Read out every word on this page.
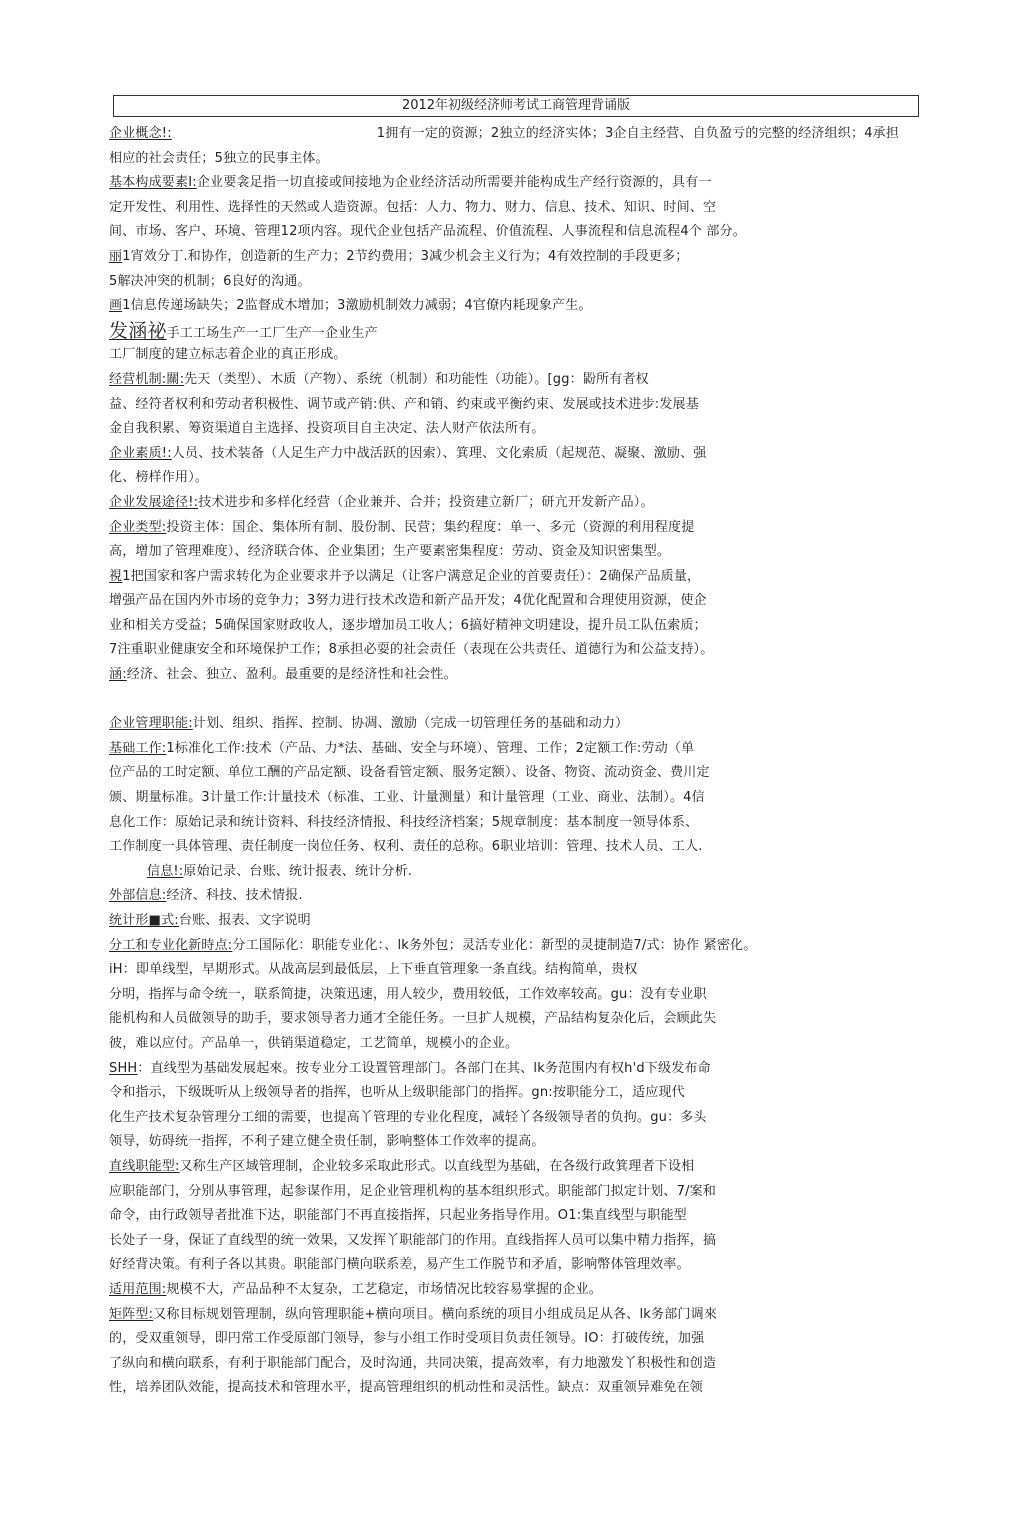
2012年初级经济师考试工商管理背诵版
企业概念!:	1拥有一定的资源；2独立的经济实体；3企自主经营、自负盈亏的完整的经济组织；4承担
相应的社会责任；5独立的民事主体。
基本构成要素I:企业要衾足指一切直接或间接地为企业经济活动所需要并能构成生产经行资源的，具有一
定开发性、利用性、选择性的天然或人造资源。包括：人力、物力、财力、信息、技术、知识、时间、空
间、市场、客户、环境、管理12项内容。现代企业包括产品流程、价值流程、人事流程和信息流程4个 部分。
丽1宵效分丁.和协作，创造新的生产力；2节约费用；3减少机会主义行为；4有效控制的手段更多；
5解决冲突的机制；6良好的沟通。
画1信息传递场缺失；2监督成木增加；3激励机制效力减弱；4官僚内耗现象产生。
发涵祕手工工场生产一工厂生产一企业生产
工厂制度的建立标志着企业的真正形成。
经营机制:關:先天（类型）、木质（产物）、系统（机制）和功能性（功能）。[gg：鼢所有者权
益、经符者权利和劳动者积极性、调节或产销:供、产和销、约束或平衡约束、发展或技术进步:发展基
金自我积累、筹资渠道自主选择、投资项目自主决定、法人财产依法所有。
企业素质!:人员、技术装备（人足生产力中战活跃的因索）、箕理、文化索质（起规范、凝聚、激励、强
化、榜样作用）。
企业发展途径!:技术进步和多样化经营（企业兼并、合并；投资建立新厂；研亢开发新产品）。
企业类型:投资主体：国企、集体所有制、股份制、民营；集约程度：单一、多元（资源的利用程度提
高，增加了管理难度）、经济联合体、企业集团；生产要素密集程度：劳动、资金及知识密集型。
視1把国家和客户需求转化为企业要求并予以满足（让客户满意足企业的首要责任）：2确保产品质量，
增强产品在国内外市场的竞争力；3努力进行技术改造和新产品开发；4优化配置和合理使用资源，使企
业和相关方受益；5确保国家财政收人，逐步增加员工收人；6搞好精神文明建设，提升员工队伍索质；
7注重职业健康安全和环境保护工作；8承担必耍的社会责任（表现在公共责任、道德行为和公益支持）。
涵:经济、社会、独立、盈利。最重要的是经济性和社会性。
企业管理职能:计划、组织、指挥、控制、协凋、激励（完成一切管理任务的基础和动力）
基础工作:1标准化工作:技术（产品、力*法、基础、安全与环境）、管理、工作；2定额工作:劳动（单
位产品的工时定额、单位工酬的产品定额、设备看管定额、服务定额）、设备、物资、流动资金、费川定
颁、期量标准。3计量工作:计量技术（标准、工业、计量测量）和计量管理（工业、商业、法制）。4信
息化工作：原始记录和统计资料、科技经济情报、科技经济档案；5规章制度：基本制度一领导体系、
工作制度一具体管理、责任制度一岗位任务、权利、责任的总称。6职业培训：管理、技术人员、工人.
信息!:原始记录、台账、统计报表、统计分析.
外部信息:经济、科技、技术情报.
统计形■式:台账、报表、文字说明
分工和专业化新時点:分工国际化：职能专业化：、lk务外包；灵活专业化：新型的灵捷制造7/式：协作 紧密化。
iH：即单线型，早期形式。从战高层到最低层，上下垂直管理象一条直线。结构简单，贵权
分明，指挥与命令统一，联系简捷，决策迅速，用人较少，费用较低，工作效率较高。gu：没有专业职
能机构和人员做领导的助手，要求领导者力通才全能任务。一旦扩人规模，产品结构复杂化后，会顾此失
彼，难以应付。产品单一，供销渠道稳定，工艺简单，规模小的企业。
SHH：直线型为基础发展起來。按专业分工设置管理部门。各部门在其、lk务范围内有权h'd下级发布命
令和指示，下级既听从上级领导者的指挥，也听从上级职能部门的指挥。gn:按职能分工，适应现代
化生产技术复杂管理分工细的需要，也提高丫管理的专业化程度，减轻丫各级领导者的负拘。gu：多头
领导，妨碍统一指挥，不利子建立健全贵任制，影响整体工作效率的提高。
直线职能型:又称生产区域管理制，企业较多采取此形式。以直线型为基础，在各级行政箕理者下设相
应职能部门，分别从事管理，起参谋作用，足企业管理机构的基本组织形式。职能部门拟定计划、7/案和
命令，由行政领导者批准下达，职能部门不再直接指挥，只起业务指导作用。O1:集直线型与职能型
长处子一身，保证了直线型的统一效果，又发挥丫职能部门的作用。直线指挥人员可以集中精力指挥，搞
好经背决策。有利子各以其贵。职能部门横向联系差，易产生工作脱节和矛盾，影响幣体管理效率。
适用范围:规模不大，产品品种不太复杂，工艺稳定，市场情况比较容易掌握的企业。
矩阵型:又称目标规划管理制，纵向管理职能+横向项目。横向系统的项目小组成员足从各、lk务部门调來
的，受双重领导，即円常工作受原部门领导，参与小组工作时受项目负责任领导。IO：打破传统，加强
了纵向和横向联系，有利于职能部门配合，及时沟通，共同决策，提高效率，有力地激发丫积极性和创造
性，培养团队效能，提高技术和管理水平，提高管理组织的机动性和灵活性。缺点：双重领异难免在领
